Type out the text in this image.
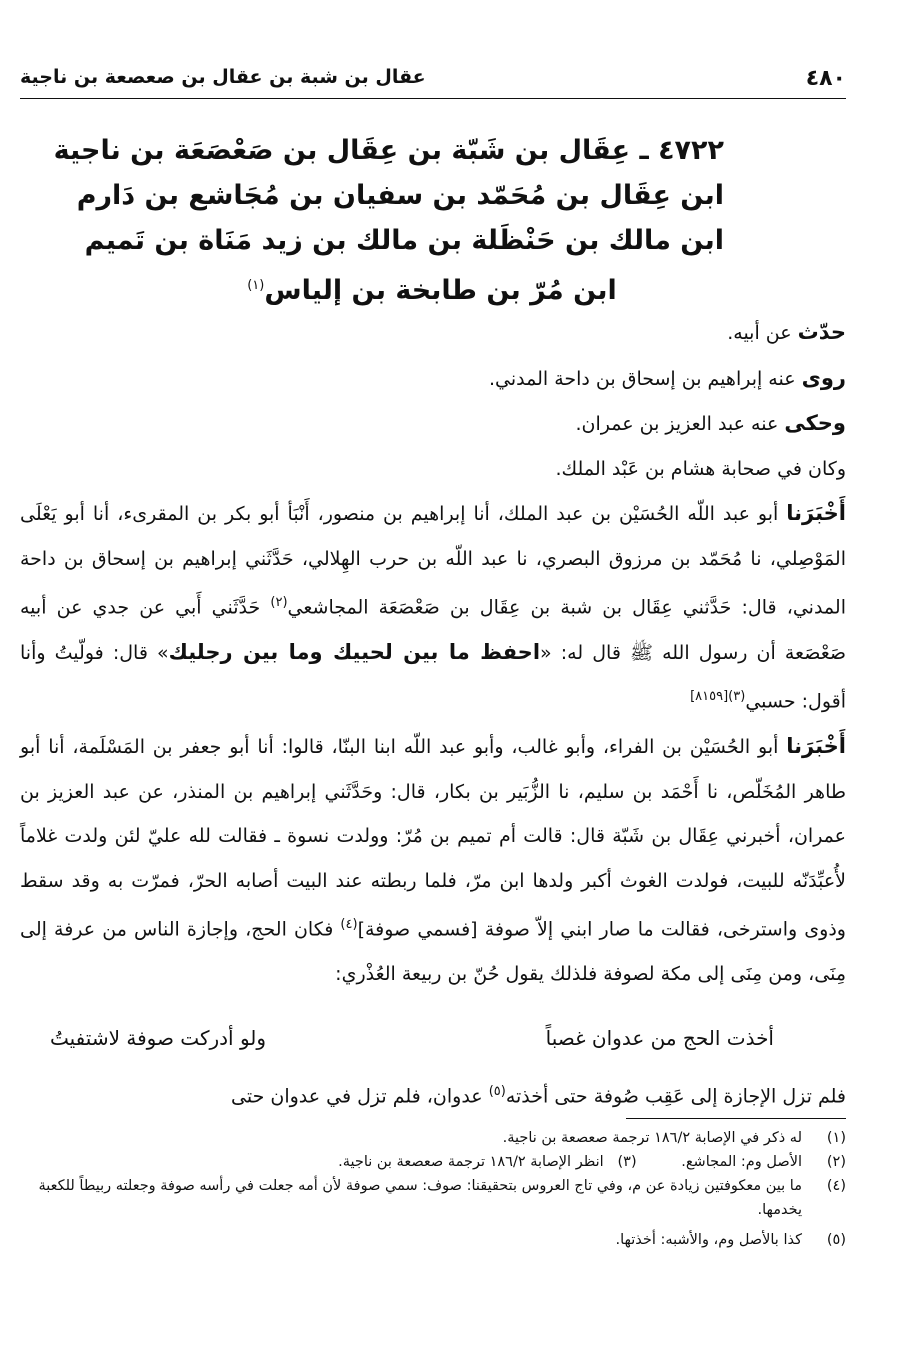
٤٨٠
عقال بن شبة بن عقال بن صعصعة بن ناجية
٤٧٢٢ ـ عِقَال بن شَبّة بن عِقَال بن صَعْصَعَة بن ناجية
ابن عِقَال بن مُحَمّد بن سفيان بن مُجَاشع بن دَارم
ابن مالك بن حَنْظَلة بن مالك بن زيد مَنَاة بن تَميم
ابن مُرّ بن طابخة بن إلياس$^{(١)}$

حدّث عن أبيه.

روى عنه إبراهيم بن إسحاق بن داحة المدني.

وحكى عنه عبد العزيز بن عمران.

وكان في صحابة هشام بن عَبْد الملك.

أَخْبَرَنا أبو عبد اللّه الحُسَيْن بن عبد الملك، أنا إبراهيم بن منصور، أَنْبَأ أبو بكر بن المقرىء، أنا أبو يَعْلَى المَوْصِلي، نا مُحَمّد بن مرزوق البصري، نا عبد اللّه بن حرب الهِلالي، حَدَّثَني إبراهيم بن إسحاق بن داحة المدني، قال: حَدَّثني عِقَال بن شبة بن عِقَال بن صَعْصَعَة المجاشعي$^{(٢)}$ حَدَّثَني أَبي عن جدي عن أبيه صَعْصَعة أن رسول الله ﷺ قال له: «احفظ ما بين لحييك وما بين رجليك» قال: فولّيتُ وأنا أقول: حسبي$^{(٣)[٨١٥٩]}$

أَخْبَرَنا أبو الحُسَيْن بن الفراء، وأبو غالب، وأبو عبد اللّه ابنا البنّا، قالوا: أنا أبو جعفر بن المَسْلَمة، أنا أبو طاهر المُخَلّص، نا أَحْمَد بن سليم، نا الزُّبَير بن بكار، قال: وحَدَّثَني إبراهيم بن المنذر، عن عبد العزيز بن عمران، أخبرني عِقَال بن شَبّة قال: قالت أم تميم بن مُرّ: وولدت نسوة ـ فقالت لله عليّ لئن ولدت غلاماً لأُعبِّدَنّه للبيت، فولدت الغوث أكبر ولدها ابن مرّ، فلما ربطته عند البيت أصابه الحرّ، فمرّت به وقد سقط وذوى واسترخى، فقالت ما صار ابني إلاّ صوفة [فسمي صوفة]$^{(٤)}$ فكان الحج، وإجازة الناس من عرفة إلى مِنَى، ومن مِنَى إلى مكة لصوفة فلذلك يقول حُنّ بن ربيعة العُذْري:

أخذت الحج من عدوان غصباً
ولو أدركت صوفة لاشتفيتُ
فلم تزل الإجازة إلى عَقِب صُوفة حتى أخذته$^{(٥)}$ عدوان، فلم تزل في عدوان حتى
(١)
له ذكر في الإصابة ١٨٦/٢ ترجمة صعصعة بن ناجية.
(٢)
الأصل وم: المجاشع. (٣)   انظر الإصابة ١٨٦/٢ ترجمة صعصعة بن ناجية.
(٤)
ما بين معكوفتين زيادة عن م، وفي تاج العروس بتحقيقنا: صوف: سمي صوفة لأن أمه جعلت في رأسه صوفة وجعلته ربيطاً للكعبة يخدمها.
(٥)
كذا بالأصل وم، والأشبه: أخذتها.
